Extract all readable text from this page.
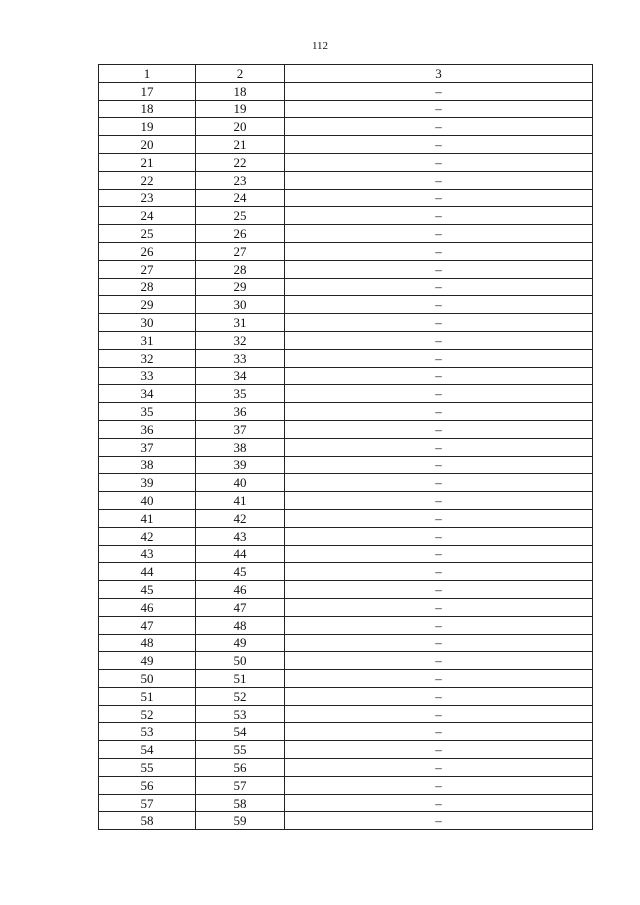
112
1	2	3
17	18	–
18	19	–
19	20	–
20	21	–
21	22	–
22	23	–
23	24	–
24	25	–
25	26	–
26	27	–
27	28	–
28	29	–
29	30	–
30	31	–
31	32	–
32	33	–
33	34	–
34	35	–
35	36	–
36	37	–
37	38	–
38	39	–
39	40	–
40	41	–
41	42	–
42	43	–
43	44	–
44	45	–
45	46	–
46	47	–
47	48	–
48	49	–
49	50	–
50	51	–
51	52	–
52	53	–
53	54	–
54	55	–
55	56	–
56	57	–
57	58	–
58	59	–
